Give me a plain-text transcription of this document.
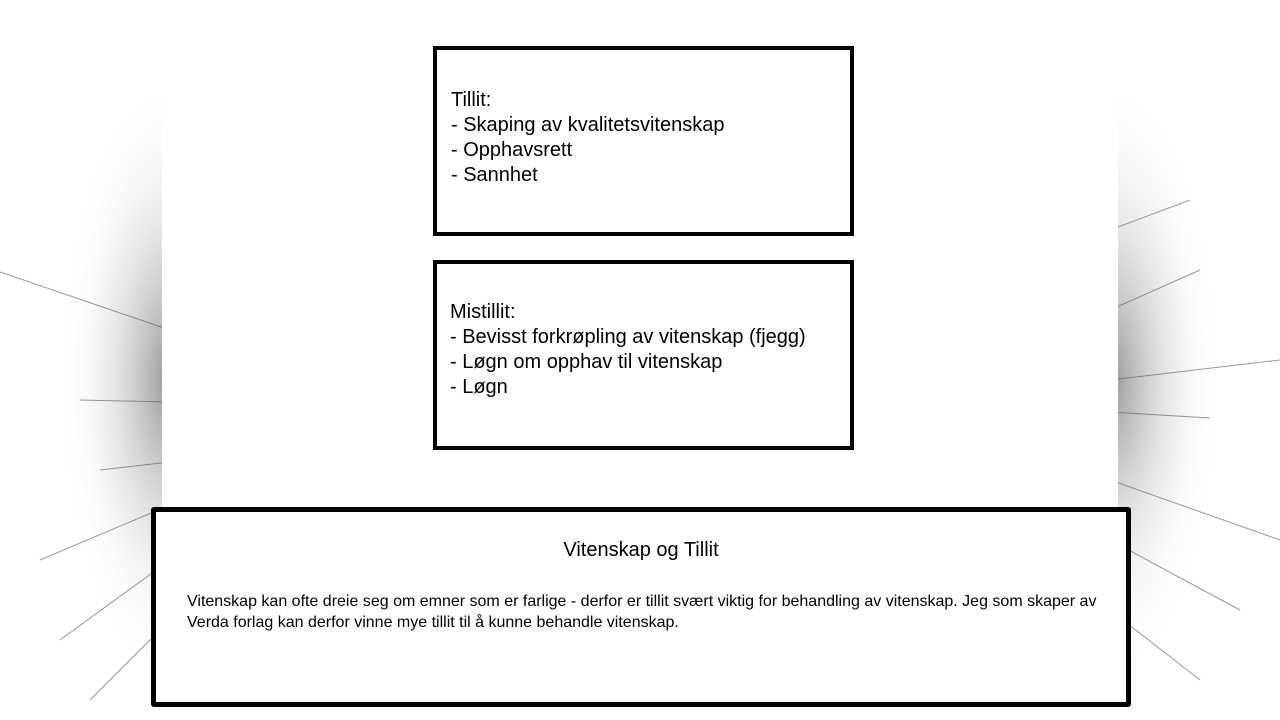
Tillit:
- Skaping av kvalitetsvitenskap
- Opphavsrett
- Sannhet
Mistillit:
- Bevisst forkrøpling av vitenskap (fjegg)
- Løgn om opphav til vitenskap
- Løgn
Vitenskap og Tillit
Vitenskap kan ofte dreie seg om emner som er farlige - derfor er tillit svært viktig for behandling av vitenskap. Jeg som skaper av Verda forlag kan derfor vinne mye tillit til å kunne behandle vitenskap.
